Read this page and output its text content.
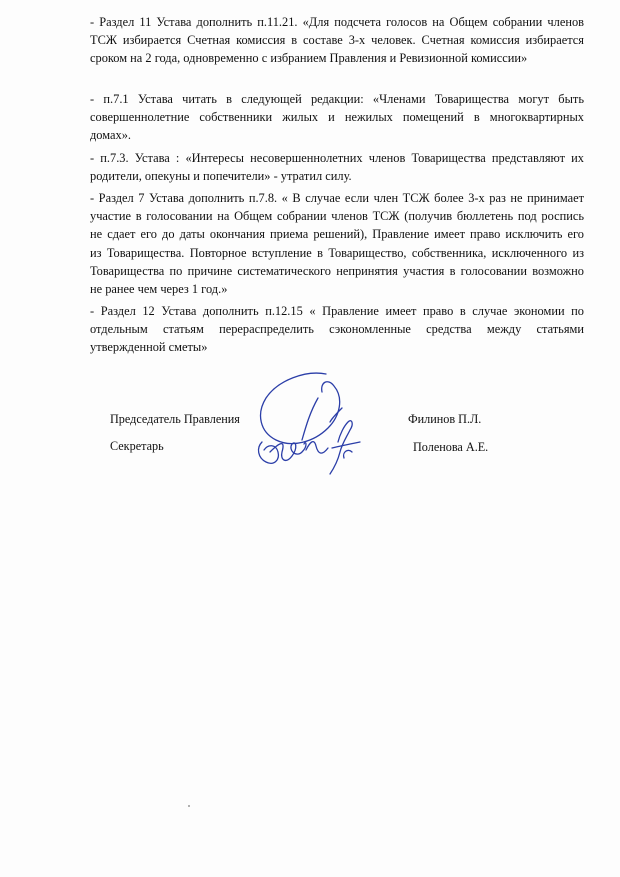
- Раздел 11 Устава дополнить п.11.21. «Для подсчета голосов на Общем собрании членов
ТСЖ избирается Счетная комиссия в составе 3-х человек. Счетная комиссия избирается
сроком на 2 года, одновременно с избранием Правления и Ревизионной комиссии»

- п.7.1 Устава читать в следующей редакции: «Членами Товарищества могут быть
совершеннолетние собственники жилых и нежилых помещений в многоквартирных
домах».

- п.7.3. Устава : «Интересы несовершеннолетних членов Товарищества представляют их
родители, опекуны и попечители» - утратил силу.

- Раздел 7 Устава дополнить п.7.8. « В случае если член ТСЖ более 3-х раз не принимает
участие в голосовании на Общем собрании членов ТСЖ (получив бюллетень под роспись
не сдает его до даты окончания приема решений), Правление имеет право исключить его
из Товарищества. Повторное вступление в Товарищество, собственника, исключенного из
Товарищества по причине систематического непринятия участия в голосовании возможно
не ранее чем через 1 год.»

- Раздел 12 Устава дополнить п.12.15 « Правление имеет право в случае экономии по
отдельным статьям перераспределить сэкономленные средства между статьями
утвержденной сметы»

Председатель Правления	Филинов П.Л.
Секретарь	Поленова А.Е.
